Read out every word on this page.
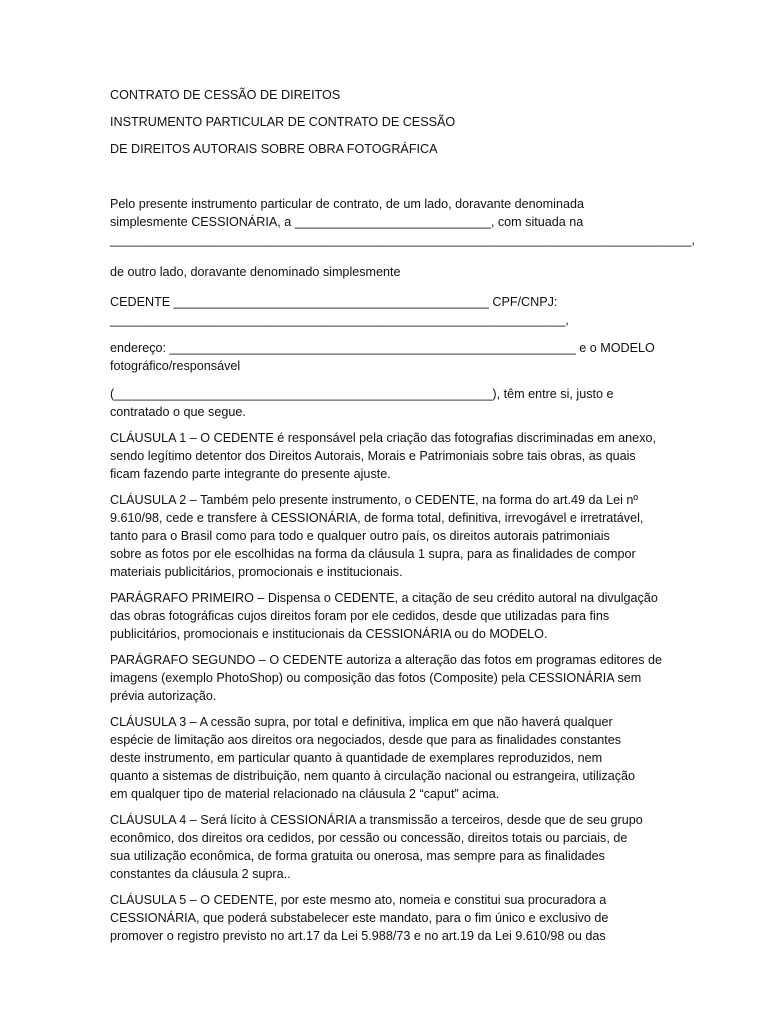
CONTRATO DE CESSÃO DE DIREITOS

INSTRUMENTO PARTICULAR DE CONTRATO DE CESSÃO

DE DIREITOS AUTORAIS SOBRE OBRA FOTOGRÁFICA

Pelo presente instrumento particular de contrato, de um lado, doravante denominada
simplesmente CESSIONÁRIA, a ____________________________, com situada na
___________________________________________________________________________________,

de outro lado, doravante denominado simplesmente

CEDENTE _____________________________________________ CPF/CNPJ:
_________________________________________________________________,

endereço: __________________________________________________________ e o MODELO
fotográfico/responsável

(______________________________________________________), têm entre si, justo e
contratado o que segue.

CLÁUSULA 1 – O CEDENTE é responsável pela criação das fotografias discriminadas em anexo,
sendo legítimo detentor dos Direitos Autorais, Morais e Patrimoniais sobre tais obras, as quais
ficam fazendo parte integrante do presente ajuste.

CLÁUSULA 2 – Também pelo presente instrumento, o CEDENTE, na forma do art.49 da Lei nº
9.610/98, cede e transfere à CESSIONÁRIA, de forma total, definitiva, irrevogável e irretratável,
tanto para o Brasil como para todo e qualquer outro país, os direitos autorais patrimoniais
sobre as fotos por ele escolhidas na forma da cláusula 1 supra, para as finalidades de compor
materiais publicitários, promocionais e institucionais.

PARÁGRAFO PRIMEIRO – Dispensa o CEDENTE, a citação de seu crédito autoral na divulgação
das obras fotográficas cujos direitos foram por ele cedidos, desde que utilizadas para fins
publicitários, promocionais e institucionais da CESSIONÁRIA ou do MODELO.

PARÁGRAFO SEGUNDO – O CEDENTE autoriza a alteração das fotos em programas editores de
imagens (exemplo PhotoShop) ou composição das fotos (Composite) pela CESSIONÁRIA sem
prévia autorização.

CLÁUSULA 3 – A cessão supra, por total e definitiva, implica em que não haverá qualquer
espécie de limitação aos direitos ora negociados, desde que para as finalidades constantes
deste instrumento, em particular quanto à quantidade de exemplares reproduzidos, nem
quanto a sistemas de distribuição, nem quanto à circulação nacional ou estrangeira, utilização
em qualquer tipo de material relacionado na cláusula 2 “caput” acima.

CLÁUSULA 4 – Será lícito à CESSIONÁRIA a transmissão a terceiros, desde que de seu grupo
econômico, dos direitos ora cedidos, por cessão ou concessão, direitos totais ou parciais, de
sua utilização econômica, de forma gratuita ou onerosa, mas sempre para as finalidades
constantes da cláusula 2 supra..

CLÁUSULA 5 – O CEDENTE, por este mesmo ato, nomeia e constitui sua procuradora a
CESSIONÁRIA, que poderá substabelecer este mandato, para o fim único e exclusivo de
promover o registro previsto no art.17 da Lei 5.988/73 e no art.19 da Lei 9.610/98 ou das
